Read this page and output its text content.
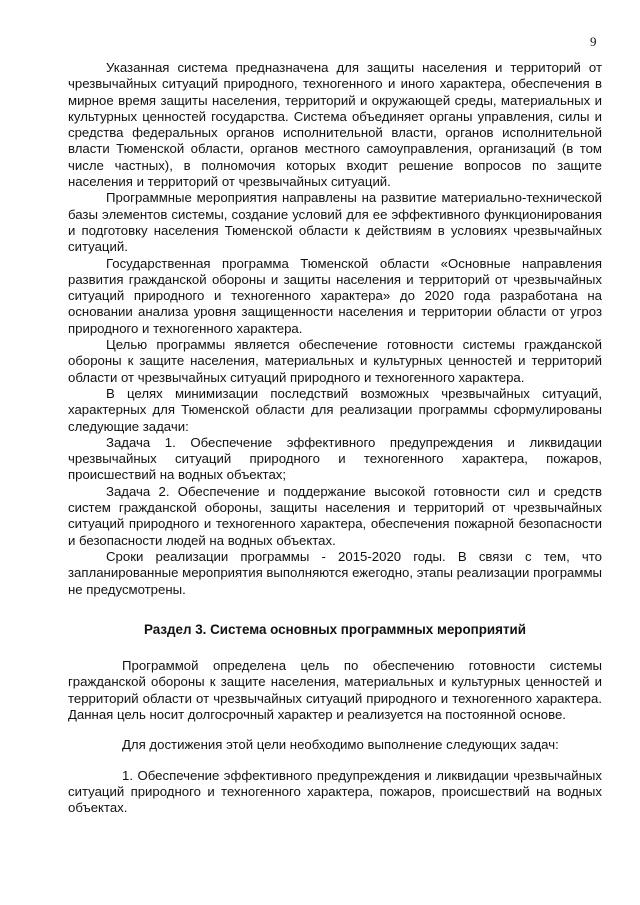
9

Указанная система предназначена для защиты населения и территорий от чрезвычайных ситуаций природного, техногенного и иного характера, обеспечения в мирное время защиты населения, территорий и окружающей среды, материальных и культурных ценностей государства. Система объединяет органы управления, силы и средства федеральных органов исполнительной власти, органов исполнительной власти Тюменской области, органов местного самоуправления, организаций (в том числе частных), в полномочия которых входит решение вопросов по защите населения и территорий от чрезвычайных ситуаций.

Программные мероприятия направлены на развитие материально-технической базы элементов системы, создание условий для ее эффективного функционирования и подготовку населения Тюменской области к действиям в условиях чрезвычайных ситуаций.

Государственная программа Тюменской области «Основные направления развития гражданской обороны и защиты населения и территорий от чрезвычайных ситуаций природного и техногенного характера» до 2020 года разработана на основании анализа уровня защищенности населения и территории области от угроз природного и техногенного характера.

Целью программы является обеспечение готовности системы гражданской обороны к защите населения, материальных и культурных ценностей и территорий области от чрезвычайных ситуаций природного и техногенного характера.

В целях минимизации последствий возможных чрезвычайных ситуаций, характерных для Тюменской области для реализации программы сформулированы следующие задачи:

Задача 1. Обеспечение эффективного предупреждения и ликвидации чрезвычайных ситуаций природного и техногенного характера, пожаров, происшествий на водных объектах;

Задача 2. Обеспечение и поддержание высокой готовности сил и средств систем гражданской обороны, защиты населения и территорий от чрезвычайных ситуаций природного и техногенного характера, обеспечения пожарной безопасности и безопасности людей на водных объектах.

Сроки реализации программы - 2015-2020 годы. В связи с тем, что запланированные мероприятия выполняются ежегодно, этапы реализации программы не предусмотрены.

Раздел 3. Система основных программных мероприятий

Программой определена цель по обеспечению готовности системы гражданской обороны к защите населения, материальных и культурных ценностей и территорий области от чрезвычайных ситуаций природного и техногенного характера. Данная цель носит долгосрочный характер и реализуется на постоянной основе.

Для достижения этой цели необходимо выполнение следующих задач:

1. Обеспечение эффективного предупреждения и ликвидации чрезвычайных ситуаций природного и техногенного характера, пожаров, происшествий на водных объектах.
